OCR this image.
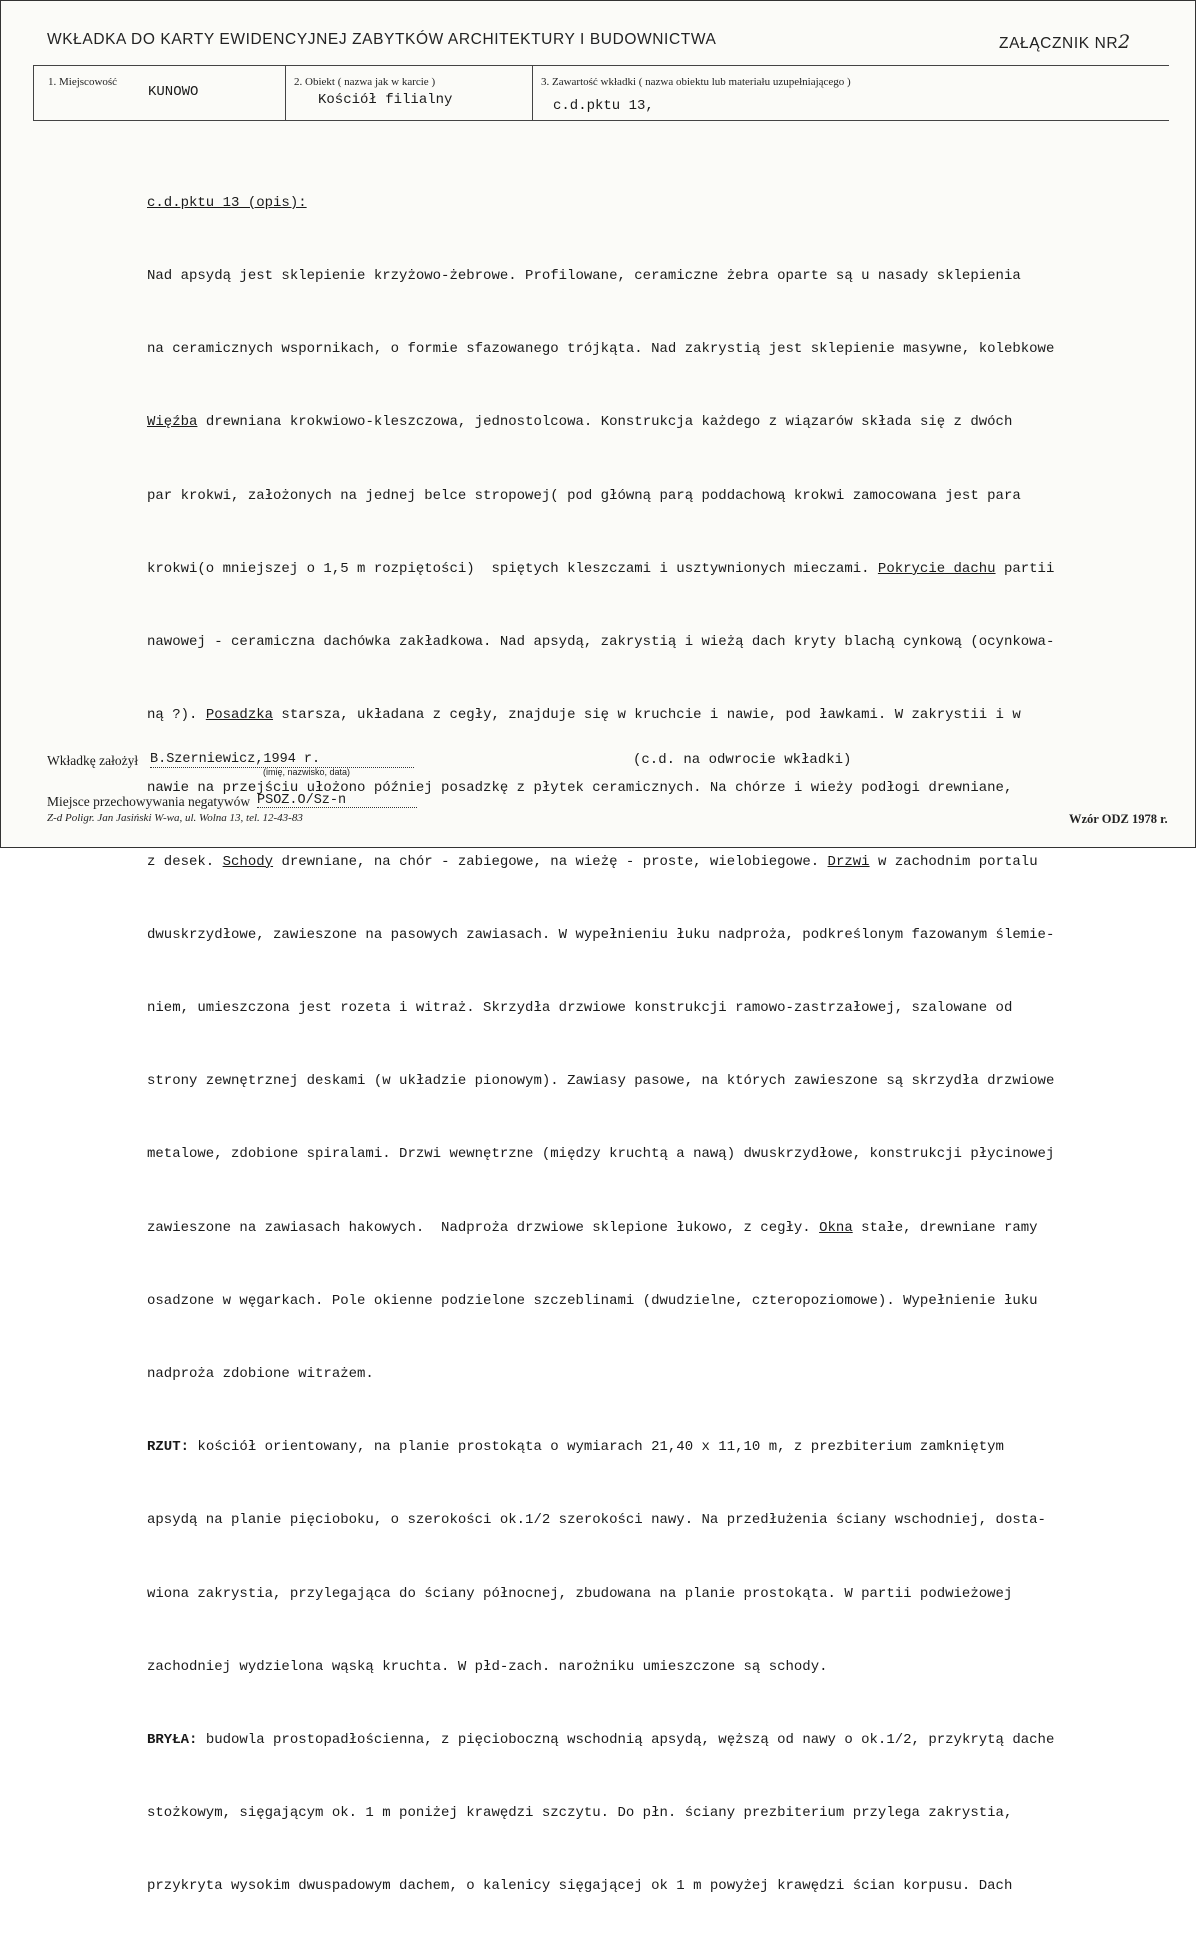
WKŁADKA DO KARTY EWIDENCYJNEJ ZABYTKÓW ARCHITEKTURY I BUDOWNICTWA	ZAŁĄCZNIK NR2
1. Miejscowość
KUNOWO
2. Obiekt ( nazwa jak w karcie )
Kościół filialny
3. Zawartość wkładki ( nazwa obiektu lub materiału uzupełniającego )
c.d.pktu 13,

c.d.pktu 13 (opis):

Nad apsydą jest sklepienie krzyżowo-żebrowe. Profilowane, ceramiczne żebra oparte są u nasady sklepienia

na ceramicznych wspornikach, o formie sfazowanego trójkąta. Nad zakrystią jest sklepienie masywne, kolebkowe

Więźba drewniana krokwiowo-kleszczowa, jednostolcowa. Konstrukcja każdego z wiązarów składa się z dwóch

par krokwi, założonych na jednej belce stropowej( pod główną parą poddachową krokwi zamocowana jest para

krokwi(o mniejszej o 1,5 m rozpiętości)  spiętych kleszczami i usztywnionych mieczami. Pokrycie dachu partii

nawowej - ceramiczna dachówka zakładkowa. Nad apsydą, zakrystią i wieżą dach kryty blachą cynkową (ocynkowa-

ną ?). Posadzka starsza, układana z cegły, znajduje się w kruchcie i nawie, pod ławkami. W zakrystii i w

nawie na przejściu ułożono później posadzkę z płytek ceramicznych. Na chórze i wieży podłogi drewniane,

z desek. Schody drewniane, na chór - zabiegowe, na wieżę - proste, wielobiegowe. Drzwi w zachodnim portalu

dwuskrzydłowe, zawieszone na pasowych zawiasach. W wypełnieniu łuku nadproża, podkreślonym fazowanym ślemie-

niem, umieszczona jest rozeta i witraż. Skrzydła drzwiowe konstrukcji ramowo-zastrzałowej, szalowane od

strony zewnętrznej deskami (w układzie pionowym). Zawiasy pasowe, na których zawieszone są skrzydła drzwiowe

metalowe, zdobione spiralami. Drzwi wewnętrzne (między kruchtą a nawą) dwuskrzydłowe, konstrukcji płycinowej

zawieszone na zawiasach hakowych.  Nadproża drzwiowe sklepione łukowo, z cegły. Okna stałe, drewniane ramy

osadzone w węgarkach. Pole okienne podzielone szczeblinami (dwudzielne, czteropoziomowe). Wypełnienie łuku

nadproża zdobione witrażem.

RZUT: kościół orientowany, na planie prostokąta o wymiarach 21,40 x 11,10 m, z prezbiterium zamkniętym

apsydą na planie pięcioboku, o szerokości ok.1/2 szerokości nawy. Na przedłużenia ściany wschodniej, dosta-

wiona zakrystia, przylegająca do ściany północnej, zbudowana na planie prostokąta. W partii podwieżowej

zachodniej wydzielona wąską kruchta. W płd-zach. narożniku umieszczone są schody.

BRYŁA: budowla prostopadłościenna, z pięcioboczną wschodnią apsydą, węższą od nawy o ok.1/2, przykrytą dache

stożkowym, sięgającym ok. 1 m poniżej krawędzi szczytu. Do płn. ściany prezbiterium przylega zakrystia,

przykryta wysokim dwuspadowym dachem, o kalenicy sięgającej ok 1 m powyżej krawędzi ścian korpusu. Dach

Wkładkę założył B.Szerniewicz,1994 r.
(imię, nazwisko, data)
(c.d. na odwrocie wkładki)
Miejsce przechowywania negatywów PSOZ.O/Sz-n
Z-d Poligr. Jan Jasiński W-wa, ul. Wolna 13, tel. 12-43-83	Wzór ODZ 1978 r.
